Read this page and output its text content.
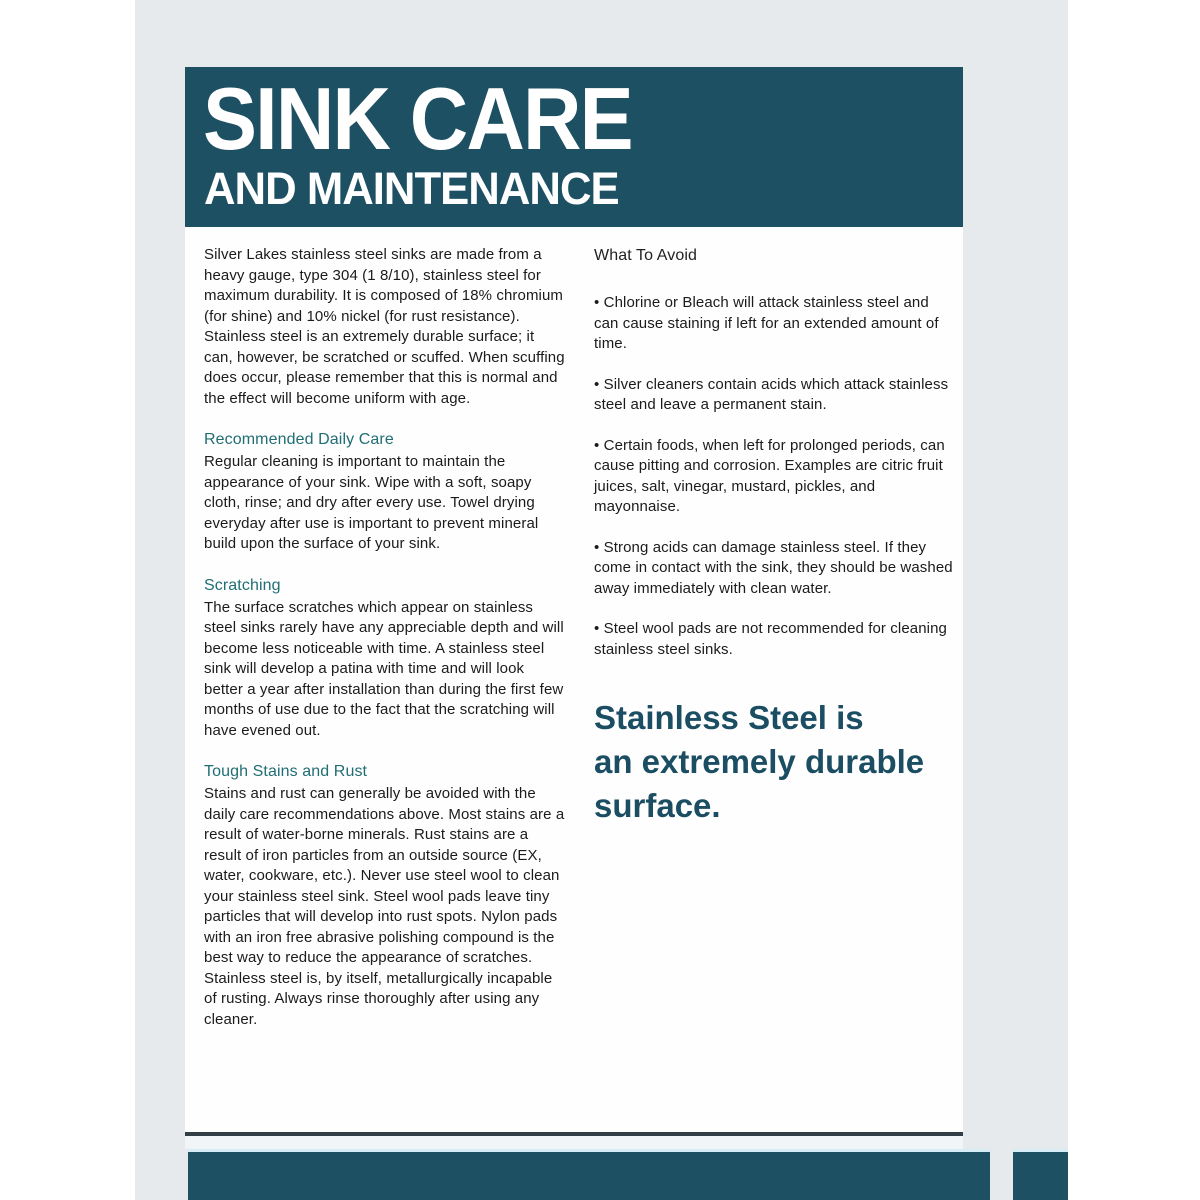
SINK CARE
AND MAINTENANCE

Silver Lakes stainless steel sinks are made from a heavy gauge, type 304 (1 8/10), stainless steel for maximum durability. It is composed of 18% chromium (for shine) and 10% nickel (for rust resistance). Stainless steel is an extremely durable surface; it can, however, be scratched or scuffed. When scuffing does occur, please remember that this is normal and the effect will become uniform with age.

Recommended Daily Care

Regular cleaning is important to maintain the appearance of your sink. Wipe with a soft, soapy cloth, rinse; and dry after every use. Towel drying everyday after use is important to prevent mineral build upon the surface of your sink.

Scratching

The surface scratches which appear on stainless steel sinks rarely have any appreciable depth and will become less noticeable with time. A stainless steel sink will develop a patina with time and will look better a year after installation than during the first few months of use due to the fact that the scratching will have evened out.

Tough Stains and Rust

Stains and rust can generally be avoided with the daily care recommendations above. Most stains are a result of water-borne minerals. Rust stains are a result of iron particles from an outside source (EX, water, cookware, etc.). Never use steel wool to clean your stainless steel sink. Steel wool pads leave tiny particles that will develop into rust spots. Nylon pads with an iron free abrasive polishing compound is the best way to reduce the appearance of scratches. Stainless steel is, by itself, metallurgically incapable of rusting. Always rinse thoroughly after using any cleaner.

What To Avoid

• Chlorine or Bleach will attack stainless steel and can cause staining if left for an extended amount of time.

• Silver cleaners contain acids which attack stainless steel and leave a permanent stain.

• Certain foods, when left for prolonged periods, can cause pitting and corrosion. Examples are citric fruit juices, salt, vinegar, mustard, pickles, and mayonnaise.

• Strong acids can damage stainless steel. If they come in contact with the sink, they should be washed away immediately with clean water.

• Steel wool pads are not recommended for cleaning stainless steel sinks.

Stainless Steel is
an extremely durable
surface.
